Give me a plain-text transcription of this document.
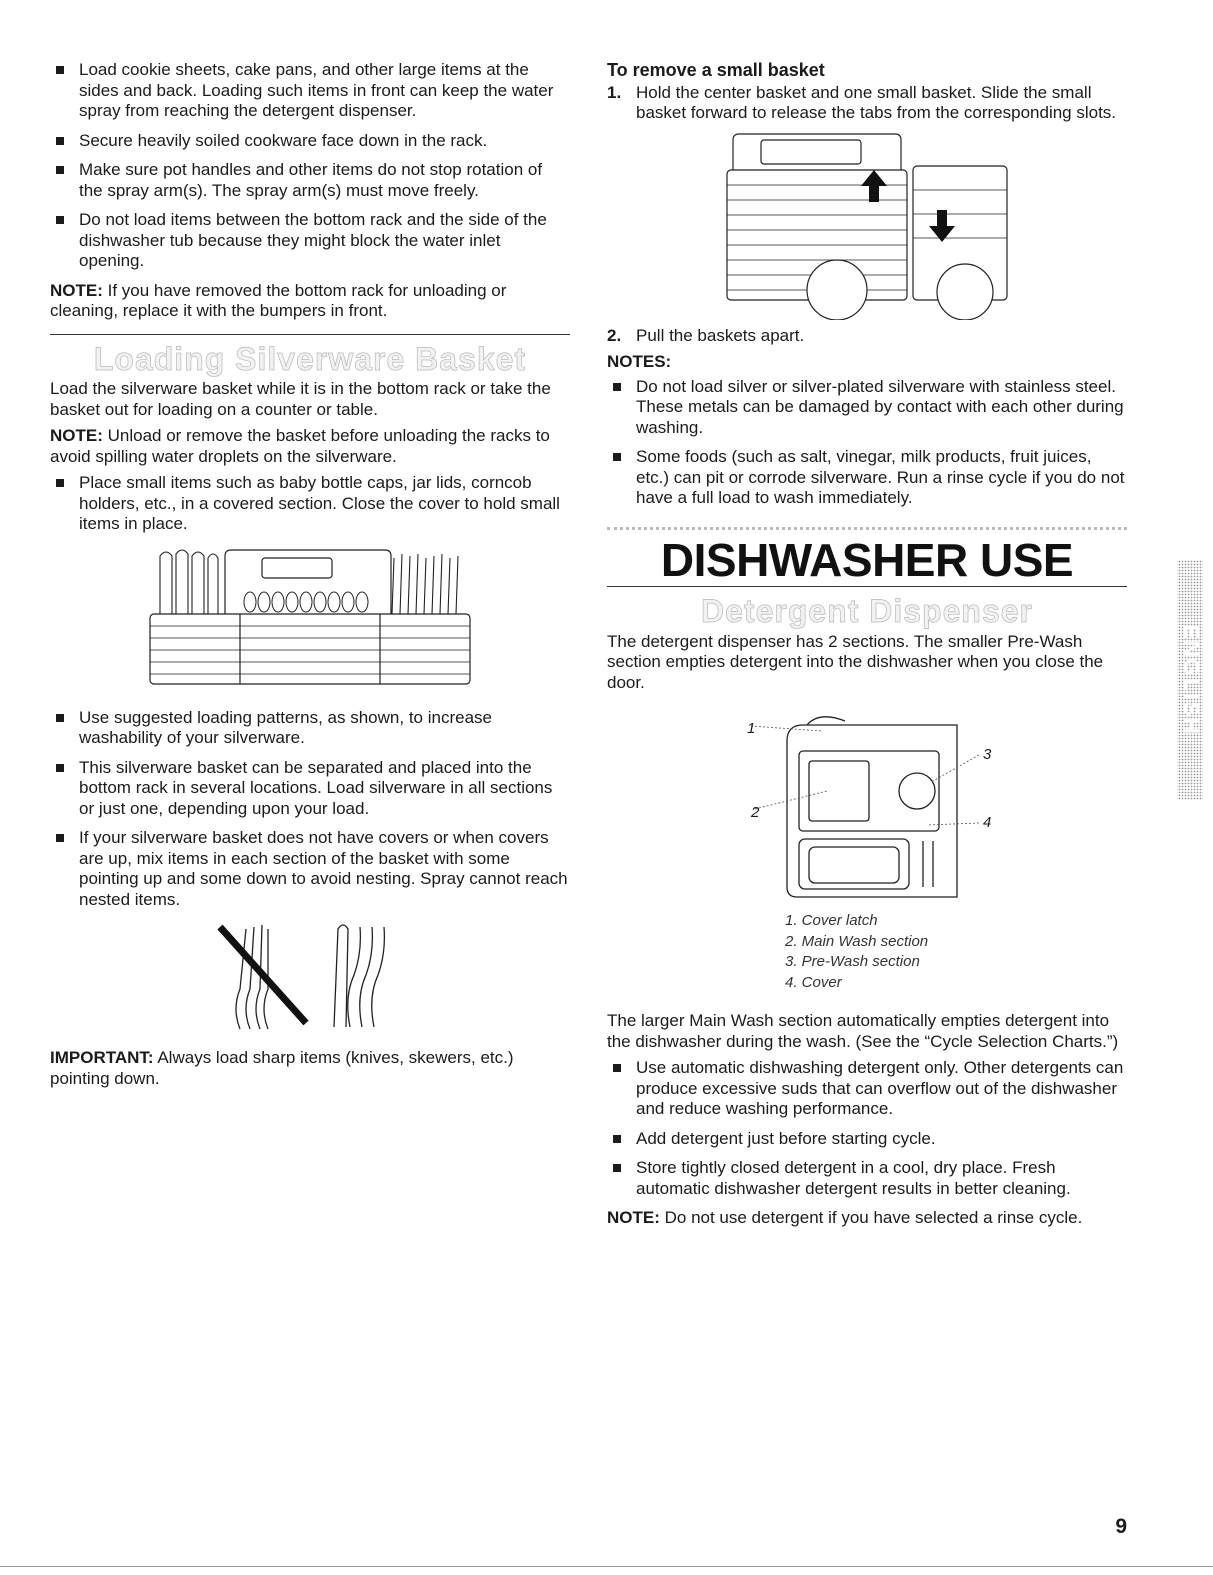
Load cookie sheets, cake pans, and other large items at the sides and back. Loading such items in front can keep the water spray from reaching the detergent dispenser.
Secure heavily soiled cookware face down in the rack.
Make sure pot handles and other items do not stop rotation of the spray arm(s). The spray arm(s) must move freely.
Do not load items between the bottom rack and the side of the dishwasher tub because they might block the water inlet opening.

NOTE: If you have removed the bottom rack for unloading or cleaning, replace it with the bumpers in front.

Loading Silverware Basket

Load the silverware basket while it is in the bottom rack or take the basket out for loading on a counter or table.

NOTE: Unload or remove the basket before unloading the racks to avoid spilling water droplets on the silverware.

Place small items such as baby bottle caps, jar lids, corncob holders, etc., in a covered section. Close the cover to hold small items in place.
Use suggested loading patterns, as shown, to increase washability of your silverware.
This silverware basket can be separated and placed into the bottom rack in several locations. Load silverware in all sections or just one, depending upon your load.
If your silverware basket does not have covers or when covers are up, mix items in each section of the basket with some pointing up and some down to avoid nesting. Spray cannot reach nested items.

IMPORTANT: Always load sharp items (knives, skewers, etc.) pointing down.

To remove a small basket
1. Hold the center basket and one small basket. Slide the small basket forward to release the tabs from the corresponding slots.
2. Pull the baskets apart.
NOTES:
Do not load silver or silver-plated silverware with stainless steel. These metals can be damaged by contact with each other during washing.
Some foods (such as salt, vinegar, milk products, fruit juices, etc.) can pit or corrode silverware. Run a rinse cycle if you do not have a full load to wash immediately.
DISHWASHER USE
Detergent Dispenser

The detergent dispenser has 2 sections. The smaller Pre-Wash section empties detergent into the dishwasher when you close the door.

1
2
3
4
1. Cover latch
2. Main Wash section
3. Pre-Wash section
4. Cover

The larger Main Wash section automatically empties detergent into the dishwasher during the wash. (See the “Cycle Selection Charts.”)

Use automatic dishwashing detergent only. Other detergents can produce excessive suds that can overflow out of the dishwasher and reduce washing performance.
Add detergent just before starting cycle.
Store tightly closed detergent in a cool, dry place. Fresh automatic dishwasher detergent results in better cleaning.

NOTE: Do not use detergent if you have selected a rinse cycle.

ENGLISH
9
